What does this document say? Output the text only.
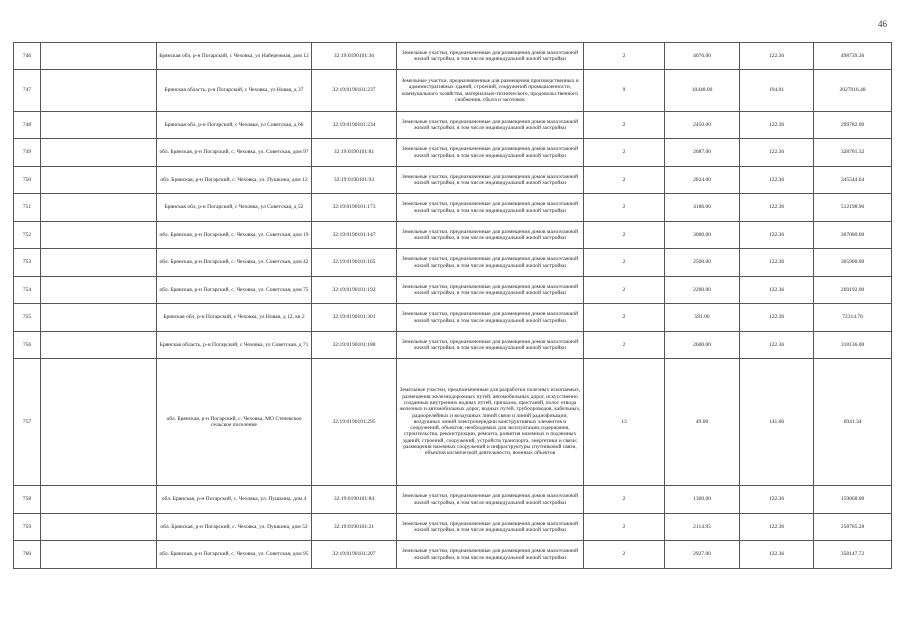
46
746		Брянская обл, р-н Погарский, с Чеховка, ул Набережная, дом 12	32:19:0190101:36	Земельные участки, предназначенные для размещения домов малоэтажной жилой застройки, в том числе индивидуальной жилой застройки	2	4076.00	122.36	498739.36
747		Брянская область, р-н Погарский, с Чеховка, ул Новая, д 37	32:19:0190101:237	Земельные участки, предназначенные для размещения производственных и административных зданий, строений, сооружений промышленности, коммунального хозяйства, материально-технического, продовольственного снабжения, сбыта и заготовок	9	10448.00	194.01	2027016.48
748		Брянская обл, р-н Погарский, с Чеховка, ул Советская, д 66	32:19:0190101:234	Земельные участки, предназначенные для размещения домов малоэтажной жилой застройки, в том числе индивидуальной жилой застройки	2	2450.00	122.36	299782.00
749		обл. Брянская, р-н Погарский, с. Чеховка, ул. Советская, дом 97	32:19:0190101:81	Земельные участки, предназначенные для размещения домов малоэтажной жилой застройки, в том числе индивидуальной жилой застройки	2	2687.00	122.36	328781.32
750		обл. Брянская, р-н Погарский, с. Чеховка, ул. Пушкина, дом 12	32:19:0190101:93	Земельные участки, предназначенные для размещения домов малоэтажной жилой застройки, в том числе индивидуальной жилой застройки	2	2824.00	122.36	345544.64
751		Брянская обл, р-н Погарский, с Чеховка, ул Советская, д 52	32:19:0190101:173	Земельные участки, предназначенные для размещения домов малоэтажной жилой застройки, в том числе индивидуальной жилой застройки	2	4186.00	122.36	512198.96
752		обл. Брянская, р-н Погарский, с. Чеховка, ул. Советская, дом 19	32:19:0190101:147	Земельные участки, предназначенные для размещения домов малоэтажной жилой застройки, в том числе индивидуальной жилой застройки	2	3000.00	122.36	367080.00
753		обл. Брянская, р-н Погарский, с. Чеховка, ул. Советская, дом 42	32:19:0190101:165	Земельные участки, предназначенные для размещения домов малоэтажной жилой застройки, в том числе индивидуальной жилой застройки	2	2500.00	122.36	305900.00
754		обл. Брянская, р-н Погарский, с. Чеховка, ул. Советская, дом 75	32:19:0190101:192	Земельные участки, предназначенные для размещения домов малоэтажной жилой застройки, в том числе индивидуальной жилой застройки	2	2200.00	122.36	269192.00
755		Брянская обл, р-н Погарский, с Чеховка, ул Новая, д 12, кв 2	32:19:0190101:301	Земельные участки, предназначенные для размещения домов малоэтажной жилой застройки, в том числе индивидуальной жилой застройки	2	591.00	122.36	72314.76
756		Брянская область, р-н Погарский, с Чеховка, ул Советская, д 71	32:19:0190101:188	Земельные участки, предназначенные для размещения домов малоэтажной жилой застройки, в том числе индивидуальной жилой застройки	2	2600.00	122.36	318136.00
757		обл. Брянская, р-н Погарский, с. Чеховка, МО Стечевское сельское поселение	32:19:0190101:295	Земельные участки, предназначенные для разработки полезных ископаемых, размещения железнодорожных путей, автомобильных дорог, искусственно созданных внутренних водных путей, причалов, пристаней, полос отвода железных и автомобильных дорог, водных путей, трубопроводов, кабельных, радиорелейных и воздушных линий связи и линий радиофикации, воздушных линий электропередачи конструктивных элементов и сооружений, объектов, необходимых для эксплуатации,содержания, строительства, реконструкции, ремонта, развития наземных и подземных зданий, строений, сооружений, устройств транспорта, энергетики и связи; размещения наземных сооружений и инфраструктуры спутниковой связи, объектов космической деятельности, военных объектов	13	49.00	141.66	6941.34
758		обл. Брянская, р-н Погарский, с. Чеховка, ул. Пушкина, дом 4	32:19:0190101:84	Земельные участки, предназначенные для размещения домов малоэтажной жилой застройки, в том числе индивидуальной жилой застройки	2	1300.00	122.36	159068.00
759		обл. Брянская, р-н Погарский, с. Чеховка, ул. Пушкина, дом 52	32:19:0190101:21	Земельные участки, предназначенные для размещения домов малоэтажной жилой застройки, в том числе индивидуальной жилой застройки	2	2114.95	122.36	258785.28
760		обл. Брянская, р-н Погарский, с. Чеховка, ул. Советская, дом 95	32:19:0190101:207	Земельные участки, предназначенные для размещения домов малоэтажной жилой застройки, в том числе индивидуальной жилой застройки	2	2927.00	122.36	358147.72
